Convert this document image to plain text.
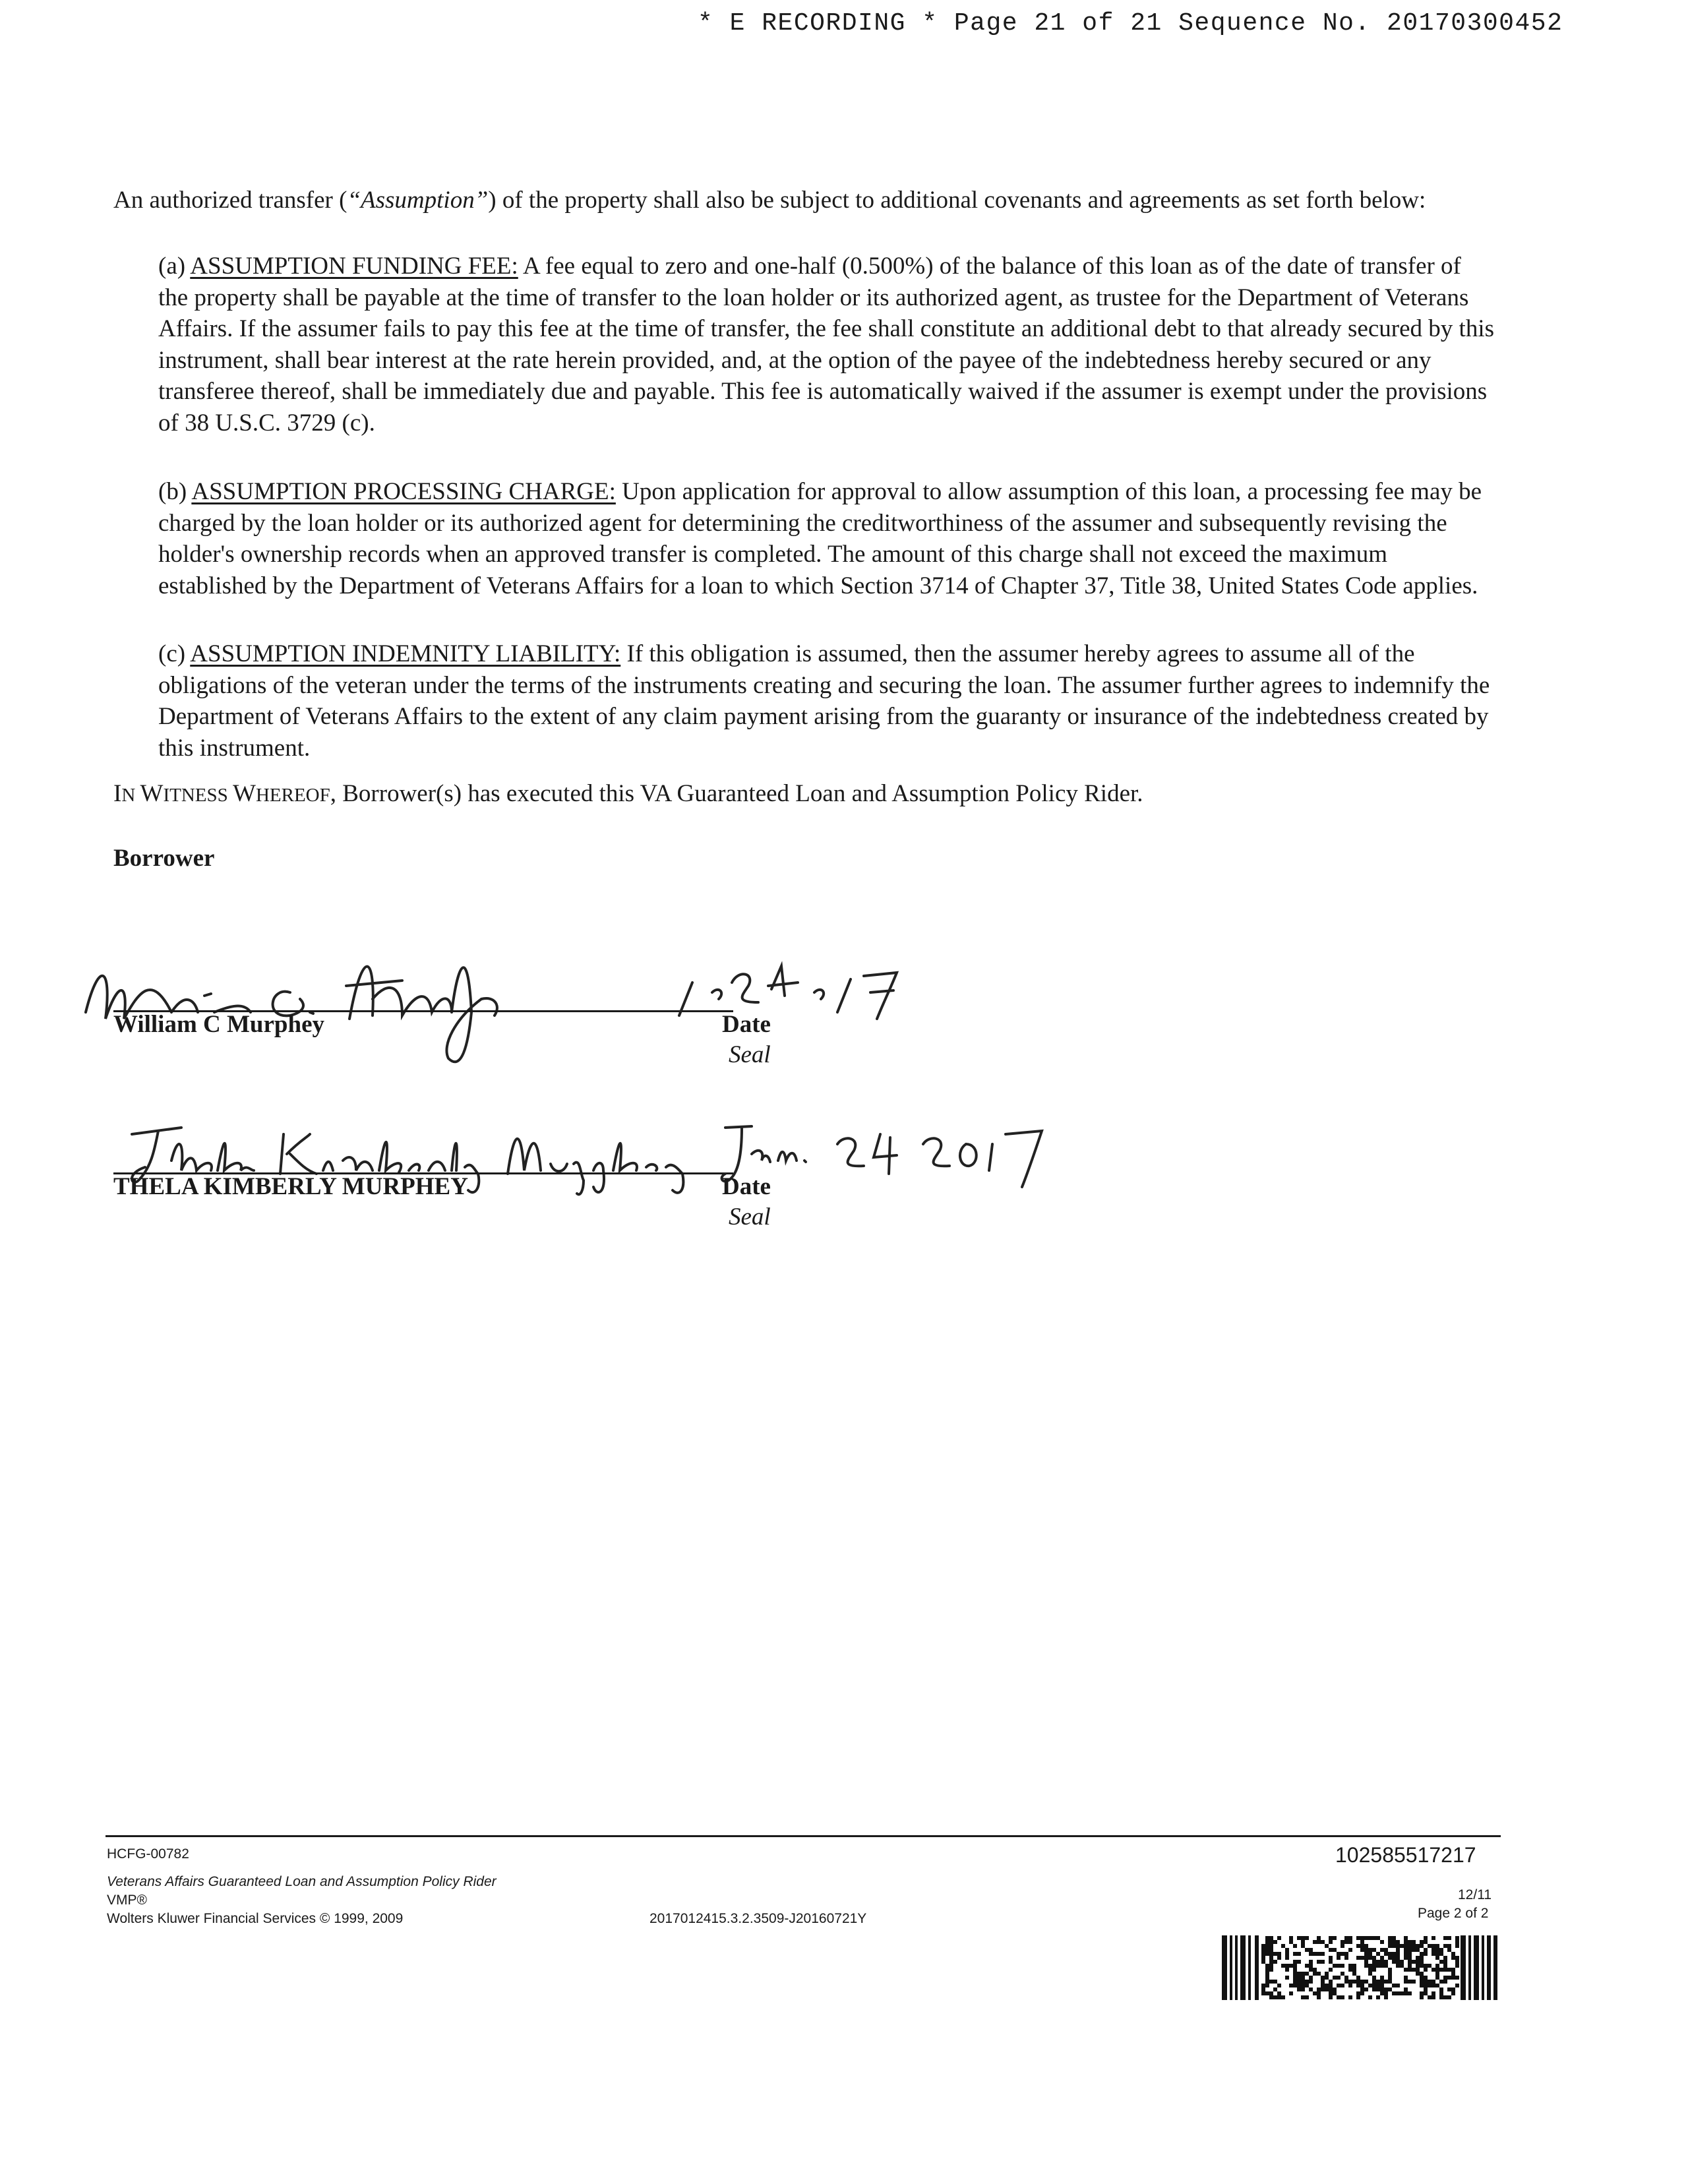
* E RECORDING * Page 21 of 21 Sequence No. 20170300452
An authorized transfer (“Assumption”) of the property shall also be subject to additional covenants and agreements as set forth below:
(a) ASSUMPTION FUNDING FEE: A fee equal to zero and one-half (0.500%) of the balance of this loan as of the date of transfer of the property shall be payable at the time of transfer to the loan holder or its authorized agent, as trustee for the Department of Veterans Affairs. If the assumer fails to pay this fee at the time of transfer, the fee shall constitute an additional debt to that already secured by this instrument, shall bear interest at the rate herein provided, and, at the option of the payee of the indebtedness hereby secured or any transferee thereof, shall be immediately due and payable. This fee is automatically waived if the assumer is exempt under the provisions of 38 U.S.C. 3729 (c).
(b) ASSUMPTION PROCESSING CHARGE: Upon application for approval to allow assumption of this loan, a processing fee may be charged by the loan holder or its authorized agent for determining the creditworthiness of the assumer and subsequently revising the holder's ownership records when an approved transfer is completed. The amount of this charge shall not exceed the maximum established by the Department of Veterans Affairs for a loan to which Section 3714 of Chapter 37, Title 38, United States Code applies.
(c) ASSUMPTION INDEMNITY LIABILITY: If this obligation is assumed, then the assumer hereby agrees to assume all of the obligations of the veteran under the terms of the instruments creating and securing the loan. The assumer further agrees to indemnify the Department of Veterans Affairs to the extent of any claim payment arising from the guaranty or insurance of the indebtedness created by this instrument.
IN WITNESS WHEREOF, Borrower(s) has executed this VA Guaranteed Loan and Assumption Policy Rider.
Borrower
William C Murphey	Date
Seal
THELA KIMBERLY MURPHEY	Date
Seal
HCFG-00782
Veterans Affairs Guaranteed Loan and Assumption Policy Rider
VMP®
Wolters Kluwer Financial Services © 1999, 2009	2017012415.3.2.3509-J20160721Y
102585517217
12/11
Page 2 of 2
